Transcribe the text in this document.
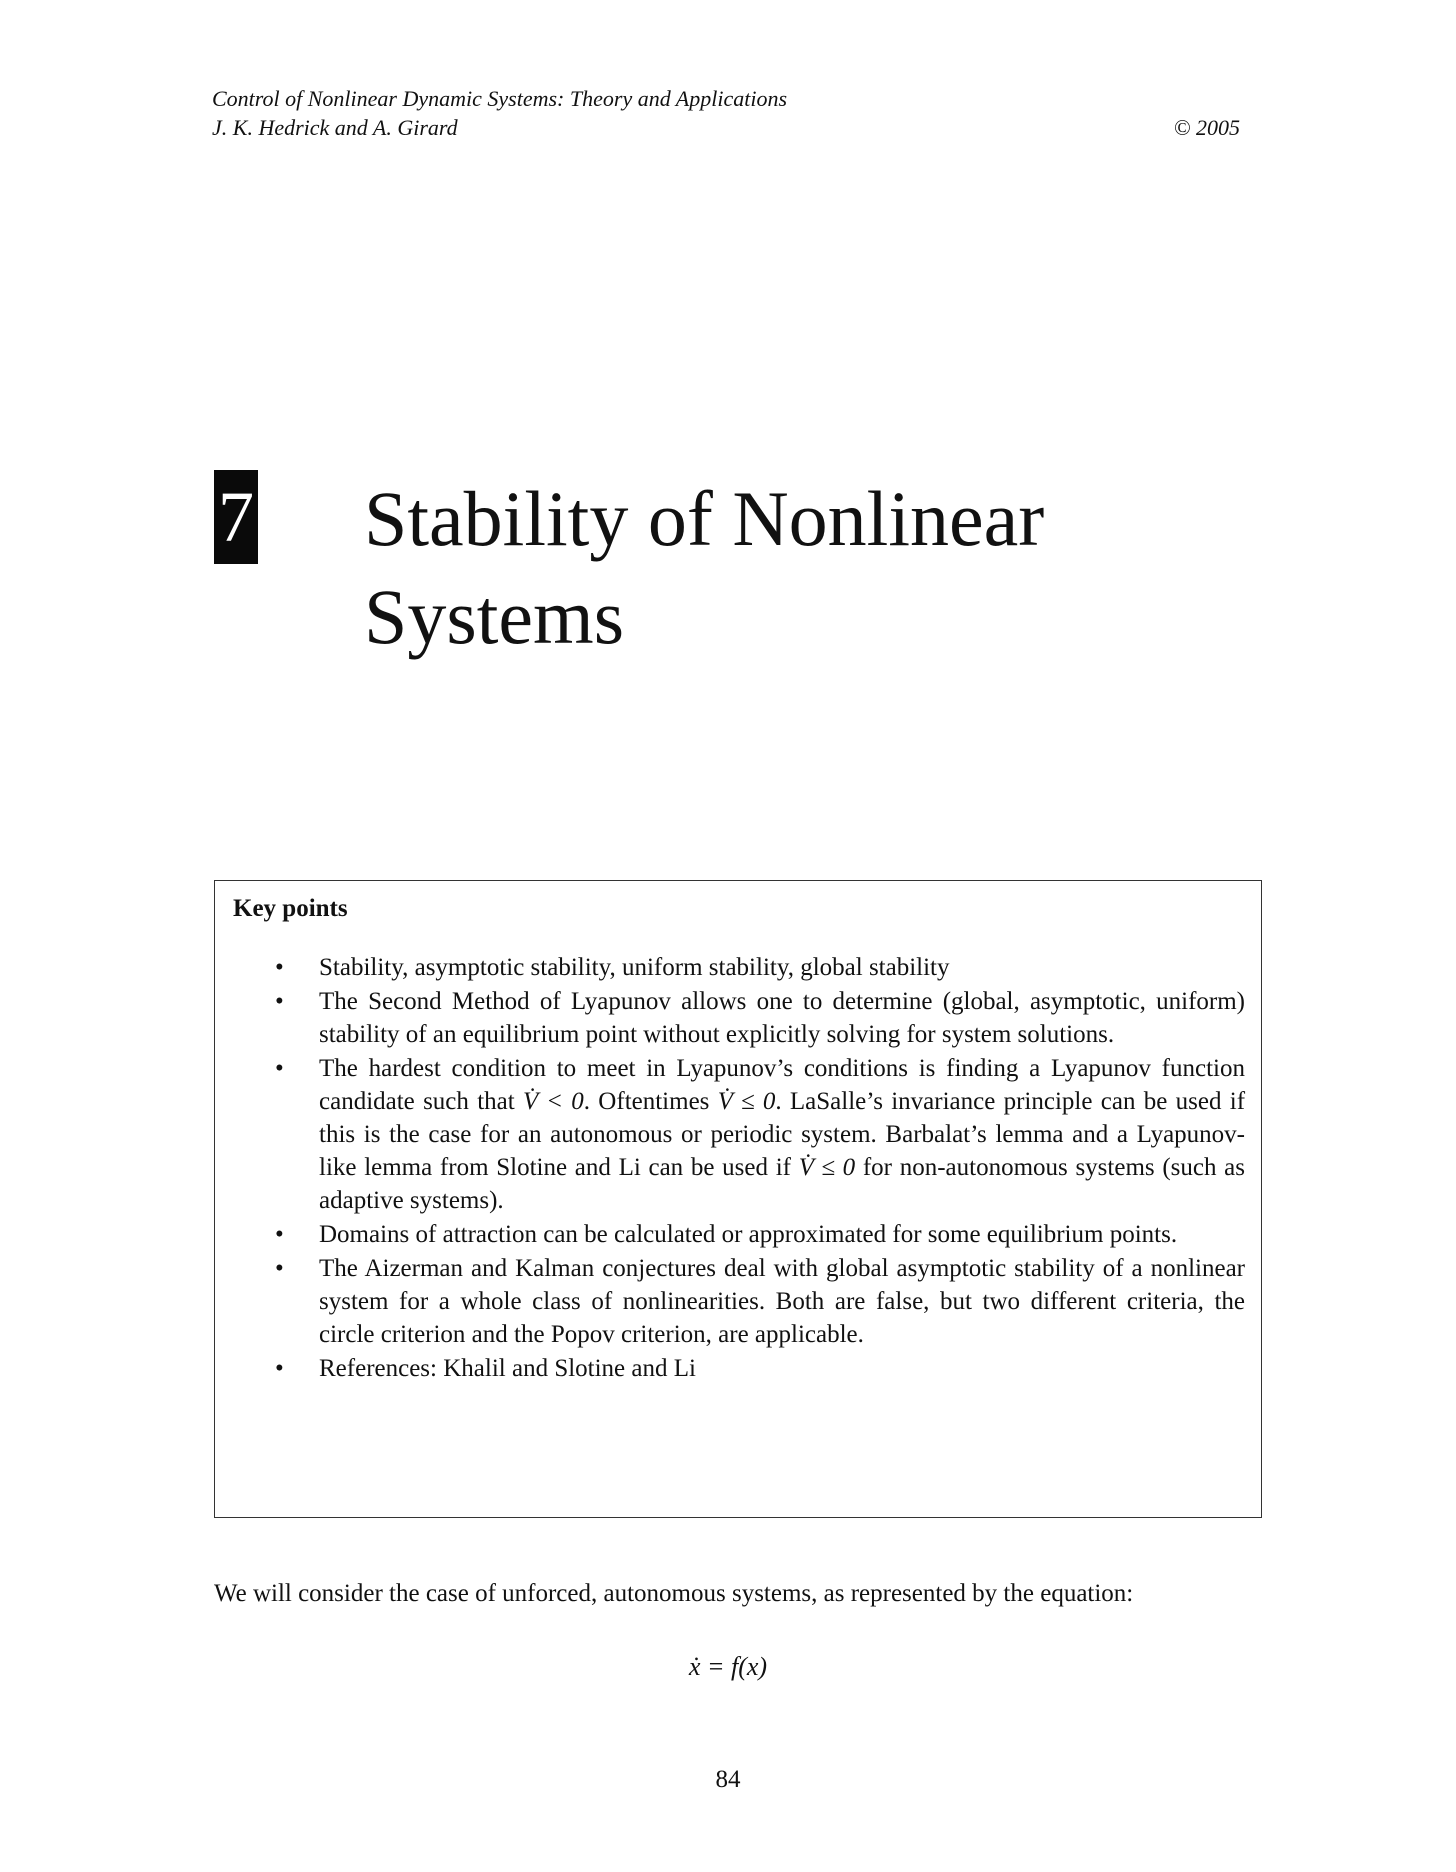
Control of Nonlinear Dynamic Systems: Theory and Applications
J. K. Hedrick and A. Girard	© 2005
7 Stability of Nonlinear
Systems

Key points

• Stability, asymptotic stability, uniform stability, global stability
• The Second Method of Lyapunov allows one to determine (global, asymptotic, uniform) stability of an equilibrium point without explicitly solving for system solutions.
• The hardest condition to meet in Lyapunov’s conditions is finding a Lyapunov function candidate such that V̇ < 0. Oftentimes V̇ ≤ 0. LaSalle’s invariance principle can be used if this is the case for an autonomous or periodic system. Barbalat’s lemma and a Lyapunov-like lemma from Slotine and Li can be used if V̇ ≤ 0 for non-autonomous systems (such as adaptive systems).
• Domains of attraction can be calculated or approximated for some equilibrium points.
• The Aizerman and Kalman conjectures deal with global asymptotic stability of a nonlinear system for a whole class of nonlinearities. Both are false, but two different criteria, the circle criterion and the Popov criterion, are applicable.
• References: Khalil and Slotine and Li

We will consider the case of unforced, autonomous systems, as represented by the equation:

ẋ = f(x)
84
